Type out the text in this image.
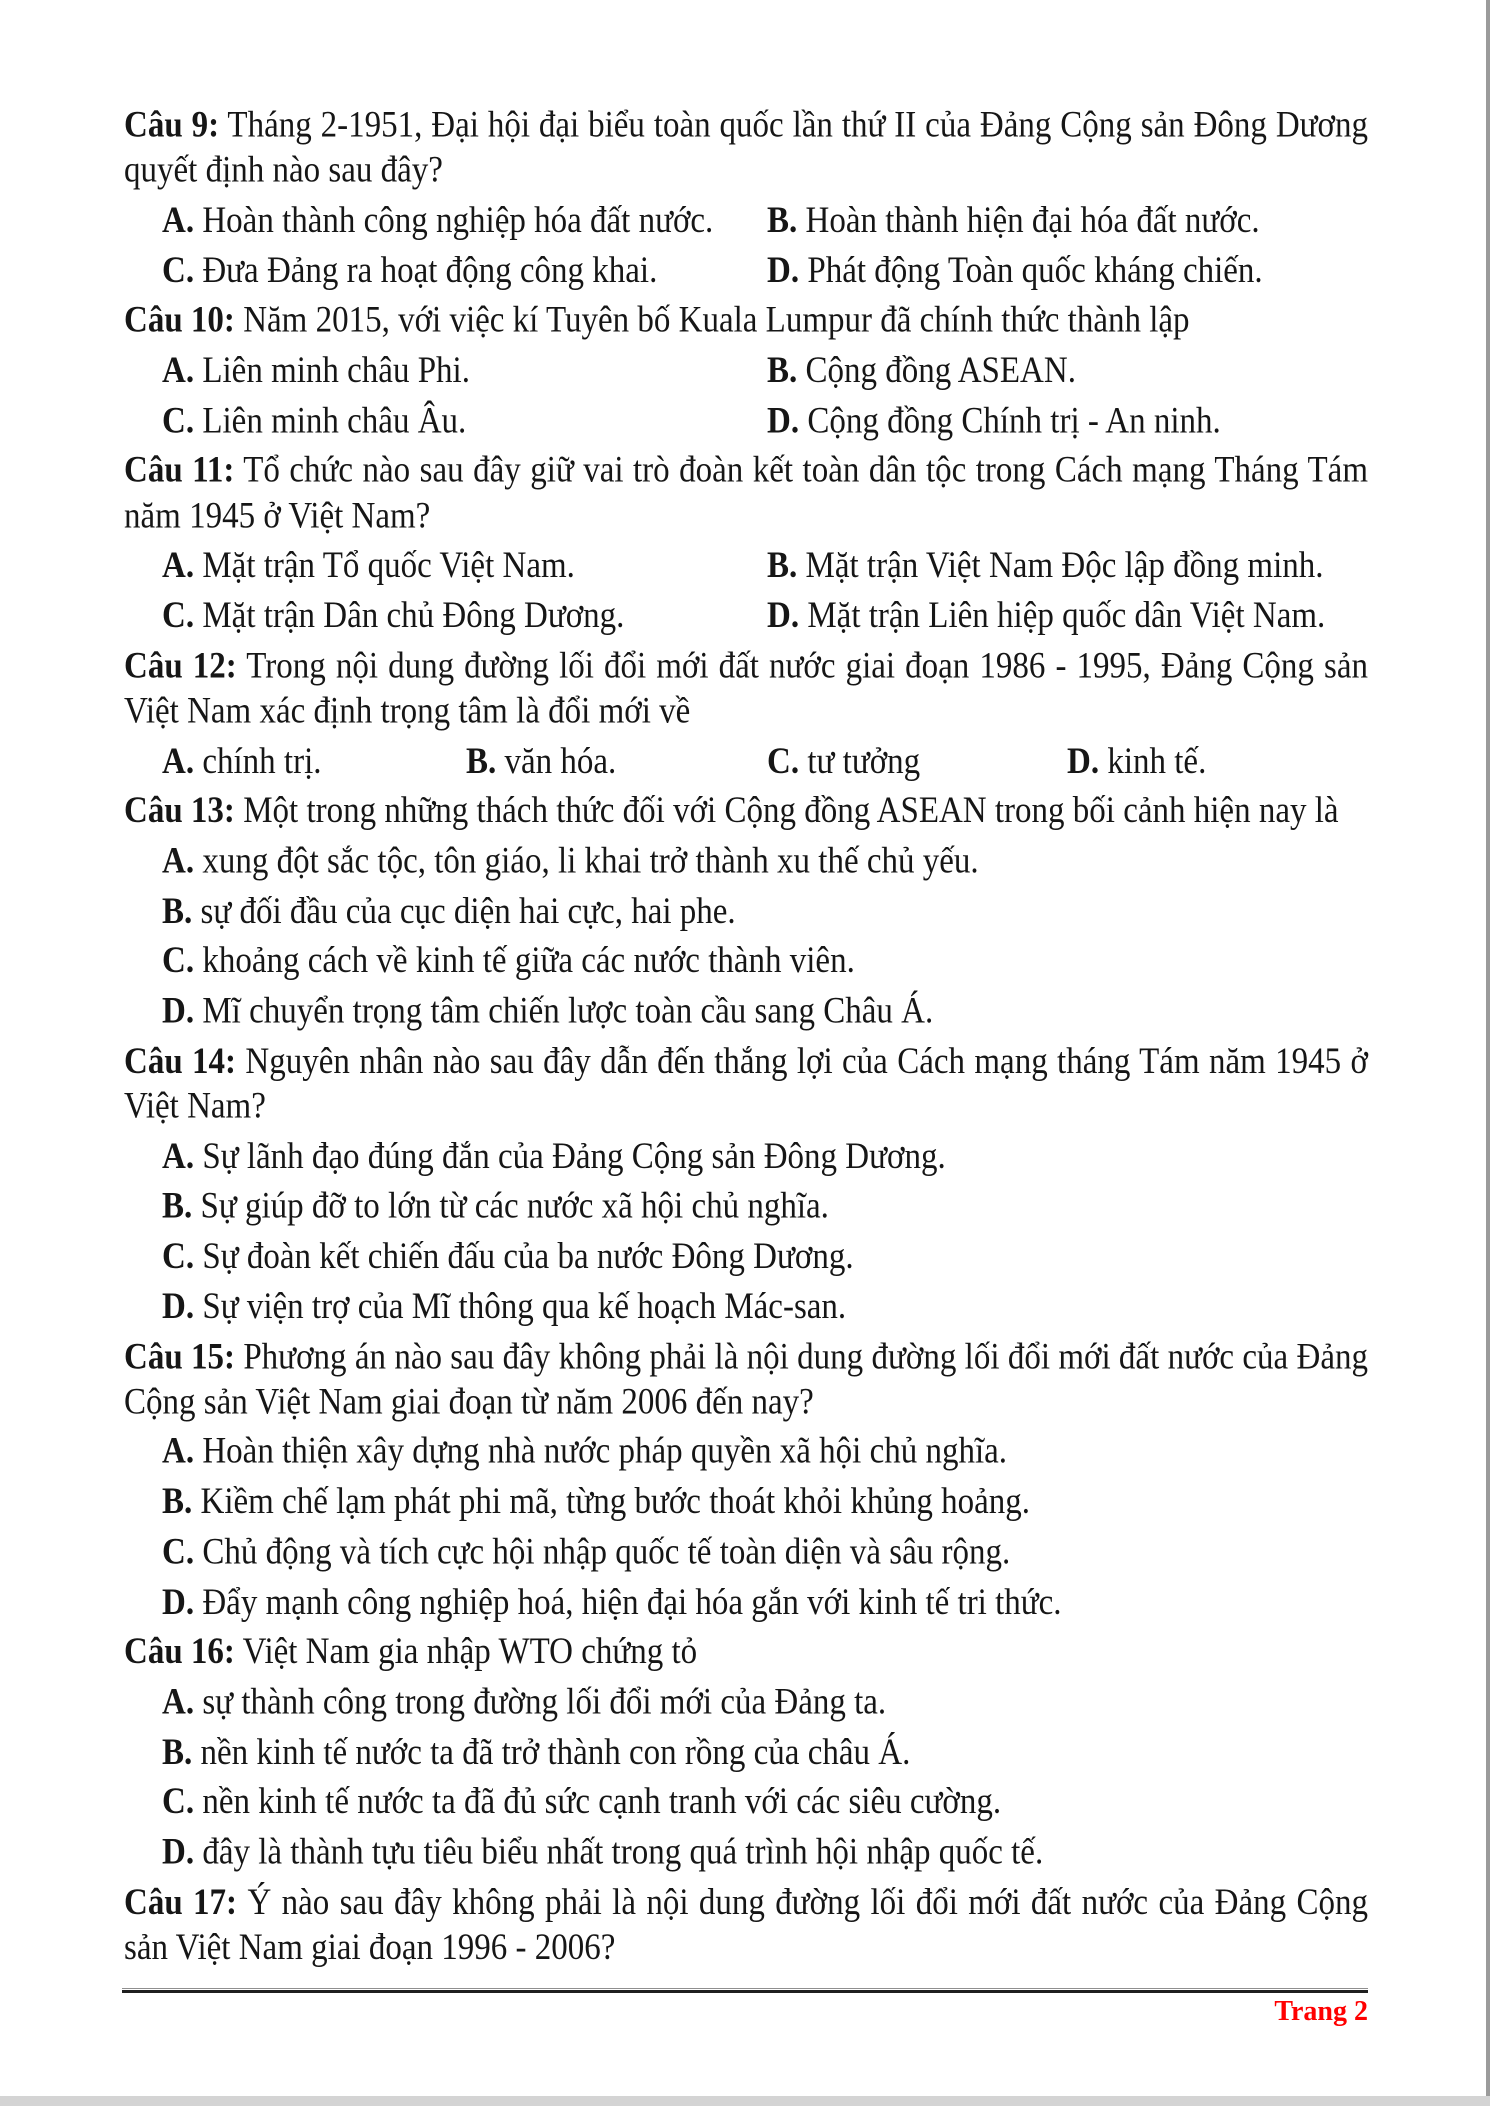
Câu 9: Tháng 2-1951, Đại hội đại biểu toàn quốc lần thứ II của Đảng Cộng sản Đông Dương
quyết định nào sau đây?
A. Hoàn thành công nghiệp hóa đất nước.	B. Hoàn thành hiện đại hóa đất nước.
C. Đưa Đảng ra hoạt động công khai.	D. Phát động Toàn quốc kháng chiến.
Câu 10: Năm 2015, với việc kí Tuyên bố Kuala Lumpur đã chính thức thành lập
A. Liên minh châu Phi.	B. Cộng đồng ASEAN.
C. Liên minh châu Âu.	D. Cộng đồng Chính trị - An ninh.
Câu 11: Tổ chức nào sau đây giữ vai trò đoàn kết toàn dân tộc trong Cách mạng Tháng Tám
năm 1945 ở Việt Nam?
A. Mặt trận Tổ quốc Việt Nam.	B. Mặt trận Việt Nam Độc lập đồng minh.
C. Mặt trận Dân chủ Đông Dương.	D. Mặt trận Liên hiệp quốc dân Việt Nam.
Câu 12: Trong nội dung đường lối đổi mới đất nước giai đoạn 1986 - 1995, Đảng Cộng sản
Việt Nam xác định trọng tâm là đổi mới về
A. chính trị.	B. văn hóa.	C. tư tưởng	D. kinh tế.
Câu 13: Một trong những thách thức đối với Cộng đồng ASEAN trong bối cảnh hiện nay là
A. xung đột sắc tộc, tôn giáo, li khai trở thành xu thế chủ yếu.
B. sự đối đầu của cục diện hai cực, hai phe.
C. khoảng cách về kinh tế giữa các nước thành viên.
D. Mĩ chuyển trọng tâm chiến lược toàn cầu sang Châu Á.
Câu 14: Nguyên nhân nào sau đây dẫn đến thắng lợi của Cách mạng tháng Tám năm 1945 ở
Việt Nam?
A. Sự lãnh đạo đúng đắn của Đảng Cộng sản Đông Dương.
B. Sự giúp đỡ to lớn từ các nước xã hội chủ nghĩa.
C. Sự đoàn kết chiến đấu của ba nước Đông Dương.
D. Sự viện trợ của Mĩ thông qua kế hoạch Mác-san.
Câu 15: Phương án nào sau đây không phải là nội dung đường lối đổi mới đất nước của Đảng
Cộng sản Việt Nam giai đoạn từ năm 2006 đến nay?
A. Hoàn thiện xây dựng nhà nước pháp quyền xã hội chủ nghĩa.
B. Kiềm chế lạm phát phi mã, từng bước thoát khỏi khủng hoảng.
C. Chủ động và tích cực hội nhập quốc tế toàn diện và sâu rộng.
D. Đẩy mạnh công nghiệp hoá, hiện đại hóa gắn với kinh tế tri thức.
Câu 16: Việt Nam gia nhập WTO chứng tỏ
A. sự thành công trong đường lối đổi mới của Đảng ta.
B. nền kinh tế nước ta đã trở thành con rồng của châu Á.
C. nền kinh tế nước ta đã đủ sức cạnh tranh với các siêu cường.
D. đây là thành tựu tiêu biểu nhất trong quá trình hội nhập quốc tế.
Câu 17: Ý nào sau đây không phải là nội dung đường lối đổi mới đất nước của Đảng Cộng
sản Việt Nam giai đoạn 1996 - 2006?
Trang 2
